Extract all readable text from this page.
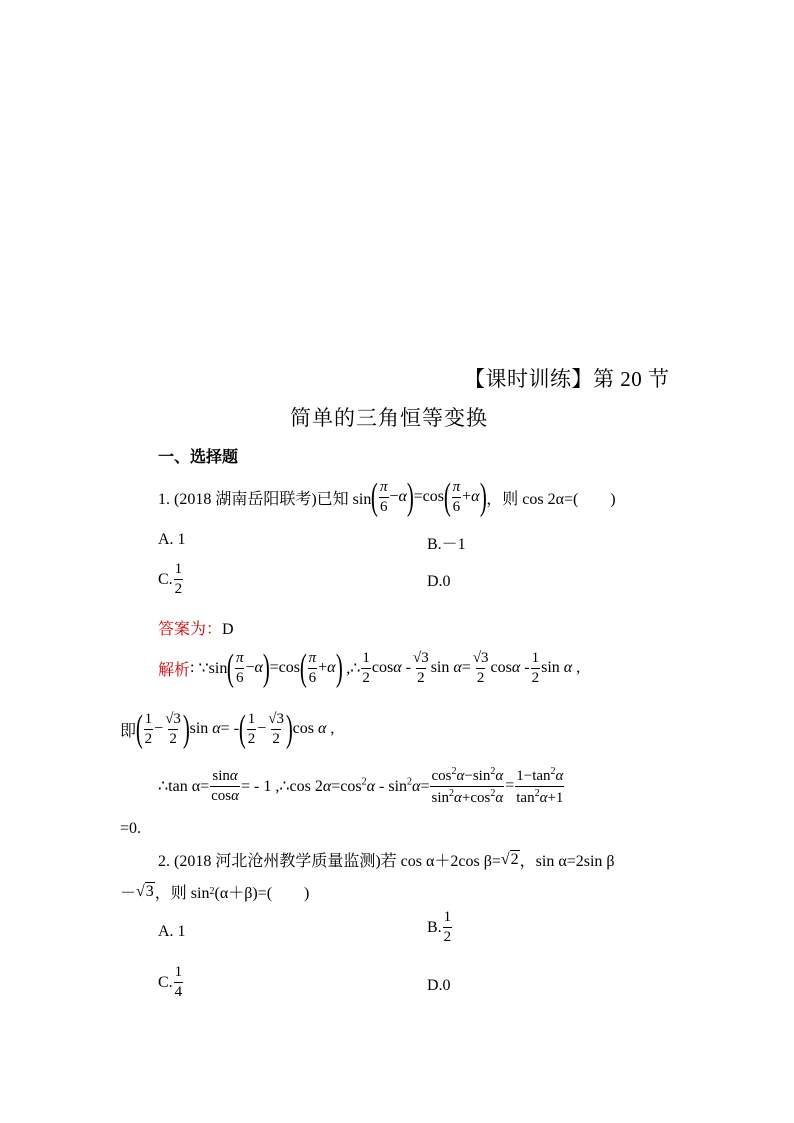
【课时训练】第 20 节
简单的三角恒等变换
一、选择题
1. (2018 湖南岳阳联考)已知 sin ( $\frac{\pi}{6} -\alpha$ ) =cos ( $\frac{\pi}{6} +\alpha$ ) ，则 cos 2α=(　　)
A. 1	B.－1
C. $\frac{1}{2}$	D.0
答案为：D
解析 : ∵sin ( $\frac{\pi}{6} -\alpha$ ) =cos ( $\frac{\pi}{6} +\alpha$ ) ,∴ $\frac{1}{2}$ cosα - $\frac{√3}{2}$ $\sin \alpha= \frac{√3}{2}$ cosα - $\frac{1}{2}$ sin α ,
即 ( $\frac{1}{2} - \frac{√3}{2}$ ) sin α= - ( $\frac{1}{2} - \frac{√3}{2}$ ) cos α ,
∴tan $\alpha= \frac{\sin\alpha}{\cos\alpha}$ = - 1 ,∴cos $2\alpha=\cos^2\alpha - \sin^2\alpha= \frac{\cos^2\alpha-\sin^2\alpha}{\sin^2\alpha+\cos^2\alpha} = \frac{1-\tan^2\alpha}{\tan^2\alpha+1}$
=0.
2. (2018 河北沧州教学质量监测)若 cos α＋2cos β= √ 2 ，sin α=2sin β
－ √ 3 ，则 sin 2 (α＋β)=(　　)
A. 1	B. $\frac{1}{2}$
C. $\frac{1}{4}$	D.0
